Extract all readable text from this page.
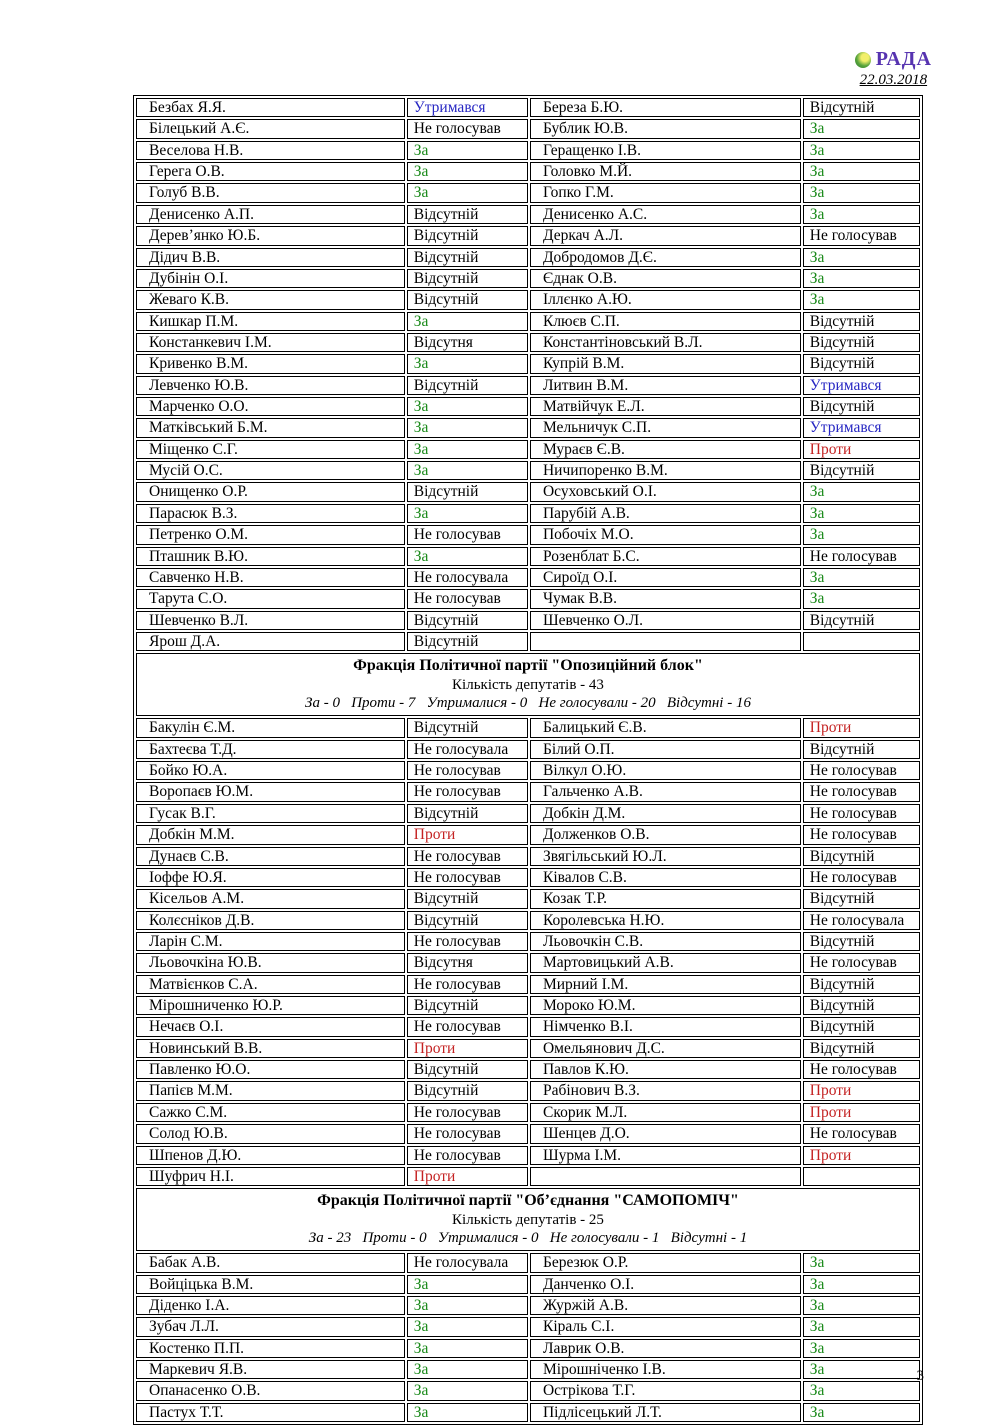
РАДА
22.03.2018
Безбах Я.Я.	Утримався	Береза Б.Ю.	Відсутній
Білецький А.Є.	Не голосував	Бублик Ю.В.	За
Веселова Н.В.	За	Геращенко І.В.	За
Герега О.В.	За	Головко М.Й.	За
Голуб В.В.	За	Гопко Г.М.	За
Денисенко А.П.	Відсутній	Денисенко А.С.	За
Дерев’янко Ю.Б.	Відсутній	Деркач А.Л.	Не голосував
Дідич В.В.	Відсутній	Добродомов Д.Є.	За
Дубінін О.І.	Відсутній	Єднак О.В.	За
Жеваго К.В.	Відсутній	Іллєнко А.Ю.	За
Кишкар П.М.	За	Клюєв С.П.	Відсутній
Констанкевич І.М.	Відсутня	Константіновський В.Л.	Відсутній
Кривенко В.М.	За	Купрій В.М.	Відсутній
Левченко Ю.В.	Відсутній	Литвин В.М.	Утримався
Марченко О.О.	За	Матвійчук Е.Л.	Відсутній
Матківський Б.М.	За	Мельничук С.П.	Утримався
Міщенко С.Г.	За	Мураєв Є.В.	Проти
Мусій О.С.	За	Ничипоренко В.М.	Відсутній
Онищенко О.Р.	Відсутній	Осуховський О.І.	За
Парасюк В.З.	За	Парубій А.В.	За
Петренко О.М.	Не голосував	Побочіх М.О.	За
Пташник В.Ю.	За	Розенблат Б.С.	Не голосував
Савченко Н.В.	Не голосувала	Сироїд О.І.	За
Тарута С.О.	Не голосував	Чумак В.В.	За
Шевченко В.Л.	Відсутній	Шевченко О.Л.	Відсутній
Ярош Д.А.	Відсутній		

Фракція Політичної партії "Опозиційний блок"
Кількість депутатів - 43
За - 0   Проти - 7   Утрималися - 0   Не голосували - 20   Відсутні - 16			

Бакулін Є.М.	Відсутній	Балицький Є.В.	Проти
Бахтеєва Т.Д.	Не голосувала	Білий О.П.	Відсутній
Бойко Ю.А.	Не голосував	Вілкул О.Ю.	Не голосував
Воропаєв Ю.М.	Не голосував	Гальченко А.В.	Не голосував
Гусак В.Г.	Відсутній	Добкін Д.М.	Не голосував
Добкін М.М.	Проти	Долженков О.В.	Не голосував
Дунаєв С.В.	Не голосував	Звягільський Ю.Л.	Відсутній
Іоффе Ю.Я.	Не голосував	Ківалов С.В.	Не голосував
Кісельов А.М.	Відсутній	Козак Т.Р.	Відсутній
Колєсніков Д.В.	Відсутній	Королевська Н.Ю.	Не голосувала
Ларін С.М.	Не голосував	Льовочкін С.В.	Відсутній
Льовочкіна Ю.В.	Відсутня	Мартовицький А.В.	Не голосував
Матвієнков С.А.	Не голосував	Мирний І.М.	Відсутній
Мірошниченко Ю.Р.	Відсутній	Мороко Ю.М.	Відсутній
Нечаєв О.І.	Не голосував	Німченко В.І.	Відсутній
Новинський В.В.	Проти	Омельянович Д.С.	Відсутній
Павленко Ю.О.	Відсутній	Павлов К.Ю.	Не голосував
Папієв М.М.	Відсутній	Рабінович В.З.	Проти
Сажко С.М.	Не голосував	Скорик М.Л.	Проти
Солод Ю.В.	Не голосував	Шенцев Д.О.	Не голосував
Шпенов Д.Ю.	Не голосував	Шурма І.М.	Проти
Шуфрич Н.І.	Проти		

Фракція Політичної партії "Об’єднання "САМОПОМІЧ"
Кількість депутатів - 25
За - 23   Проти - 0   Утрималися - 0   Не голосували - 1   Відсутні - 1			

Бабак А.В.	Не голосувала	Березюк О.Р.	За
Войціцька В.М.	За	Данченко О.І.	За
Діденко І.А.	За	Журжій А.В.	За
Зубач Л.Л.	За	Кіраль С.І.	За
Костенко П.П.	За	Лаврик О.В.	За
Маркевич Я.В.	За	Мірошніченко І.В.	За
Опанасенко О.В.	За	Острікова Т.Г.	За
Пастух Т.Т.	За	Підлісецький Л.Т.	За
3
